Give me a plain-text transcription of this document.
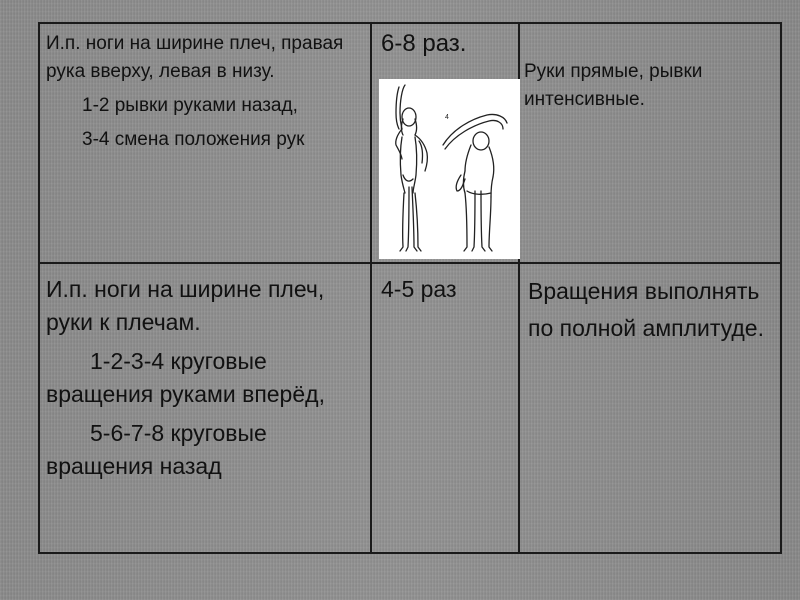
И.п. ноги на ширине плеч, правая рука вверху, левая в низу.

1-2 рывки руками назад,

3-4 смена положения рук

6-8 раз.
4
Руки прямые, рывки интенсивные.

И.п. ноги на ширине плеч, руки к плечам.

1-2-3-4 круговые вращения руками вперёд,

5-6-7-8 круговые вращения назад

4-5 раз	Вращения выполнять по полной амплитуде.
